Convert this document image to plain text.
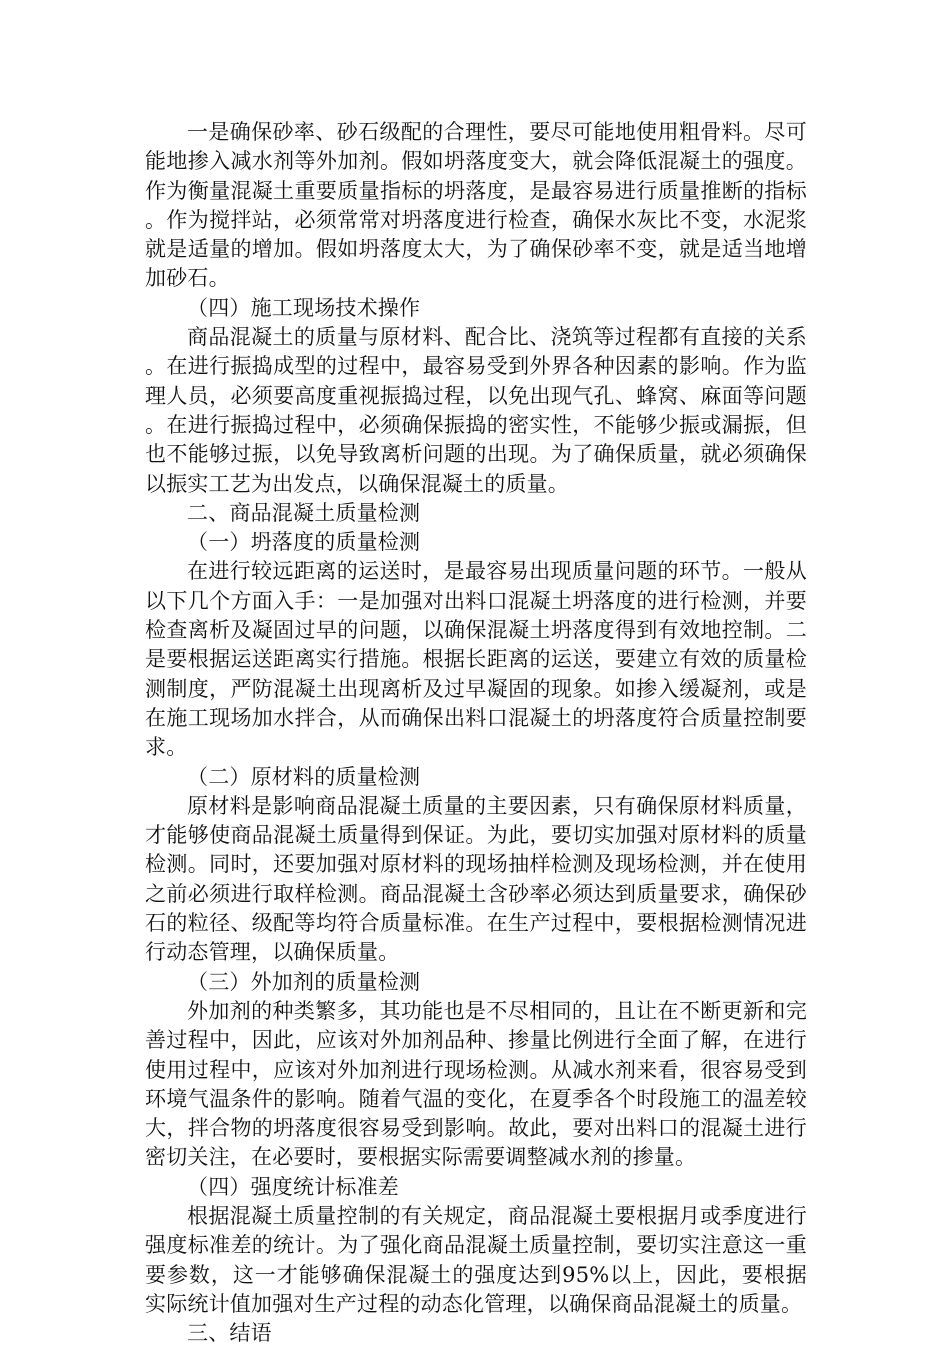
一是确保砂率、砂石级配的合理性，要尽可能地使用粗骨料。尽可能地掺入减水剂等外加剂。假如坍落度变大，就会降低混凝土的强度。作为衡量混凝土重要质量指标的坍落度，是最容易进行质量推断的指标。作为搅拌站，必须常常对坍落度进行检查，确保水灰比不变，水泥浆就是适量的增加。假如坍落度太大，为了确保砂率不变，就是适当地增加砂石。

（四）施工现场技术操作

商品混凝土的质量与原材料、配合比、浇筑等过程都有直接的关系。在进行振捣成型的过程中，最容易受到外界各种因素的影响。作为监理人员，必须要高度重视振捣过程，以免出现气孔、蜂窝、麻面等问题。在进行振捣过程中，必须确保振捣的密实性，不能够少振或漏振，但也不能够过振，以免导致离析问题的出现。为了确保质量，就必须确保以振实工艺为出发点，以确保混凝土的质量。

二、商品混凝土质量检测

（一）坍落度的质量检测

在进行较远距离的运送时，是最容易出现质量问题的环节。一般从以下几个方面入手：一是加强对出料口混凝土坍落度的进行检测，并要检查离析及凝固过早的问题，以确保混凝土坍落度得到有效地控制。二是要根据运送距离实行措施。根据长距离的运送，要建立有效的质量检测制度，严防混凝土出现离析及过早凝固的现象。如掺入缓凝剂，或是在施工现场加水拌合，从而确保出料口混凝土的坍落度符合质量控制要求。

（二）原材料的质量检测

原材料是影响商品混凝土质量的主要因素，只有确保原材料质量，才能够使商品混凝土质量得到保证。为此，要切实加强对原材料的质量检测。同时，还要加强对原材料的现场抽样检测及现场检测，并在使用之前必须进行取样检测。商品混凝土含砂率必须达到质量要求，确保砂石的粒径、级配等均符合质量标准。在生产过程中，要根据检测情况进行动态管理，以确保质量。

（三）外加剂的质量检测

外加剂的种类繁多，其功能也是不尽相同的，且让在不断更新和完善过程中，因此，应该对外加剂品种、掺量比例进行全面了解，在进行使用过程中，应该对外加剂进行现场检测。从减水剂来看，很容易受到环境气温条件的影响。随着气温的变化，在夏季各个时段施工的温差较大，拌合物的坍落度很容易受到影响。故此，要对出料口的混凝土进行密切关注，在必要时，要根据实际需要调整减水剂的掺量。

（四）强度统计标准差

根据混凝土质量控制的有关规定，商品混凝土要根据月或季度进行强度标准差的统计。为了强化商品混凝土质量控制，要切实注意这一重要参数，这一才能够确保混凝土的强度达到95%以上，因此，要根据实际统计值加强对生产过程的动态化管理，以确保商品混凝土的质量。

三、结语
